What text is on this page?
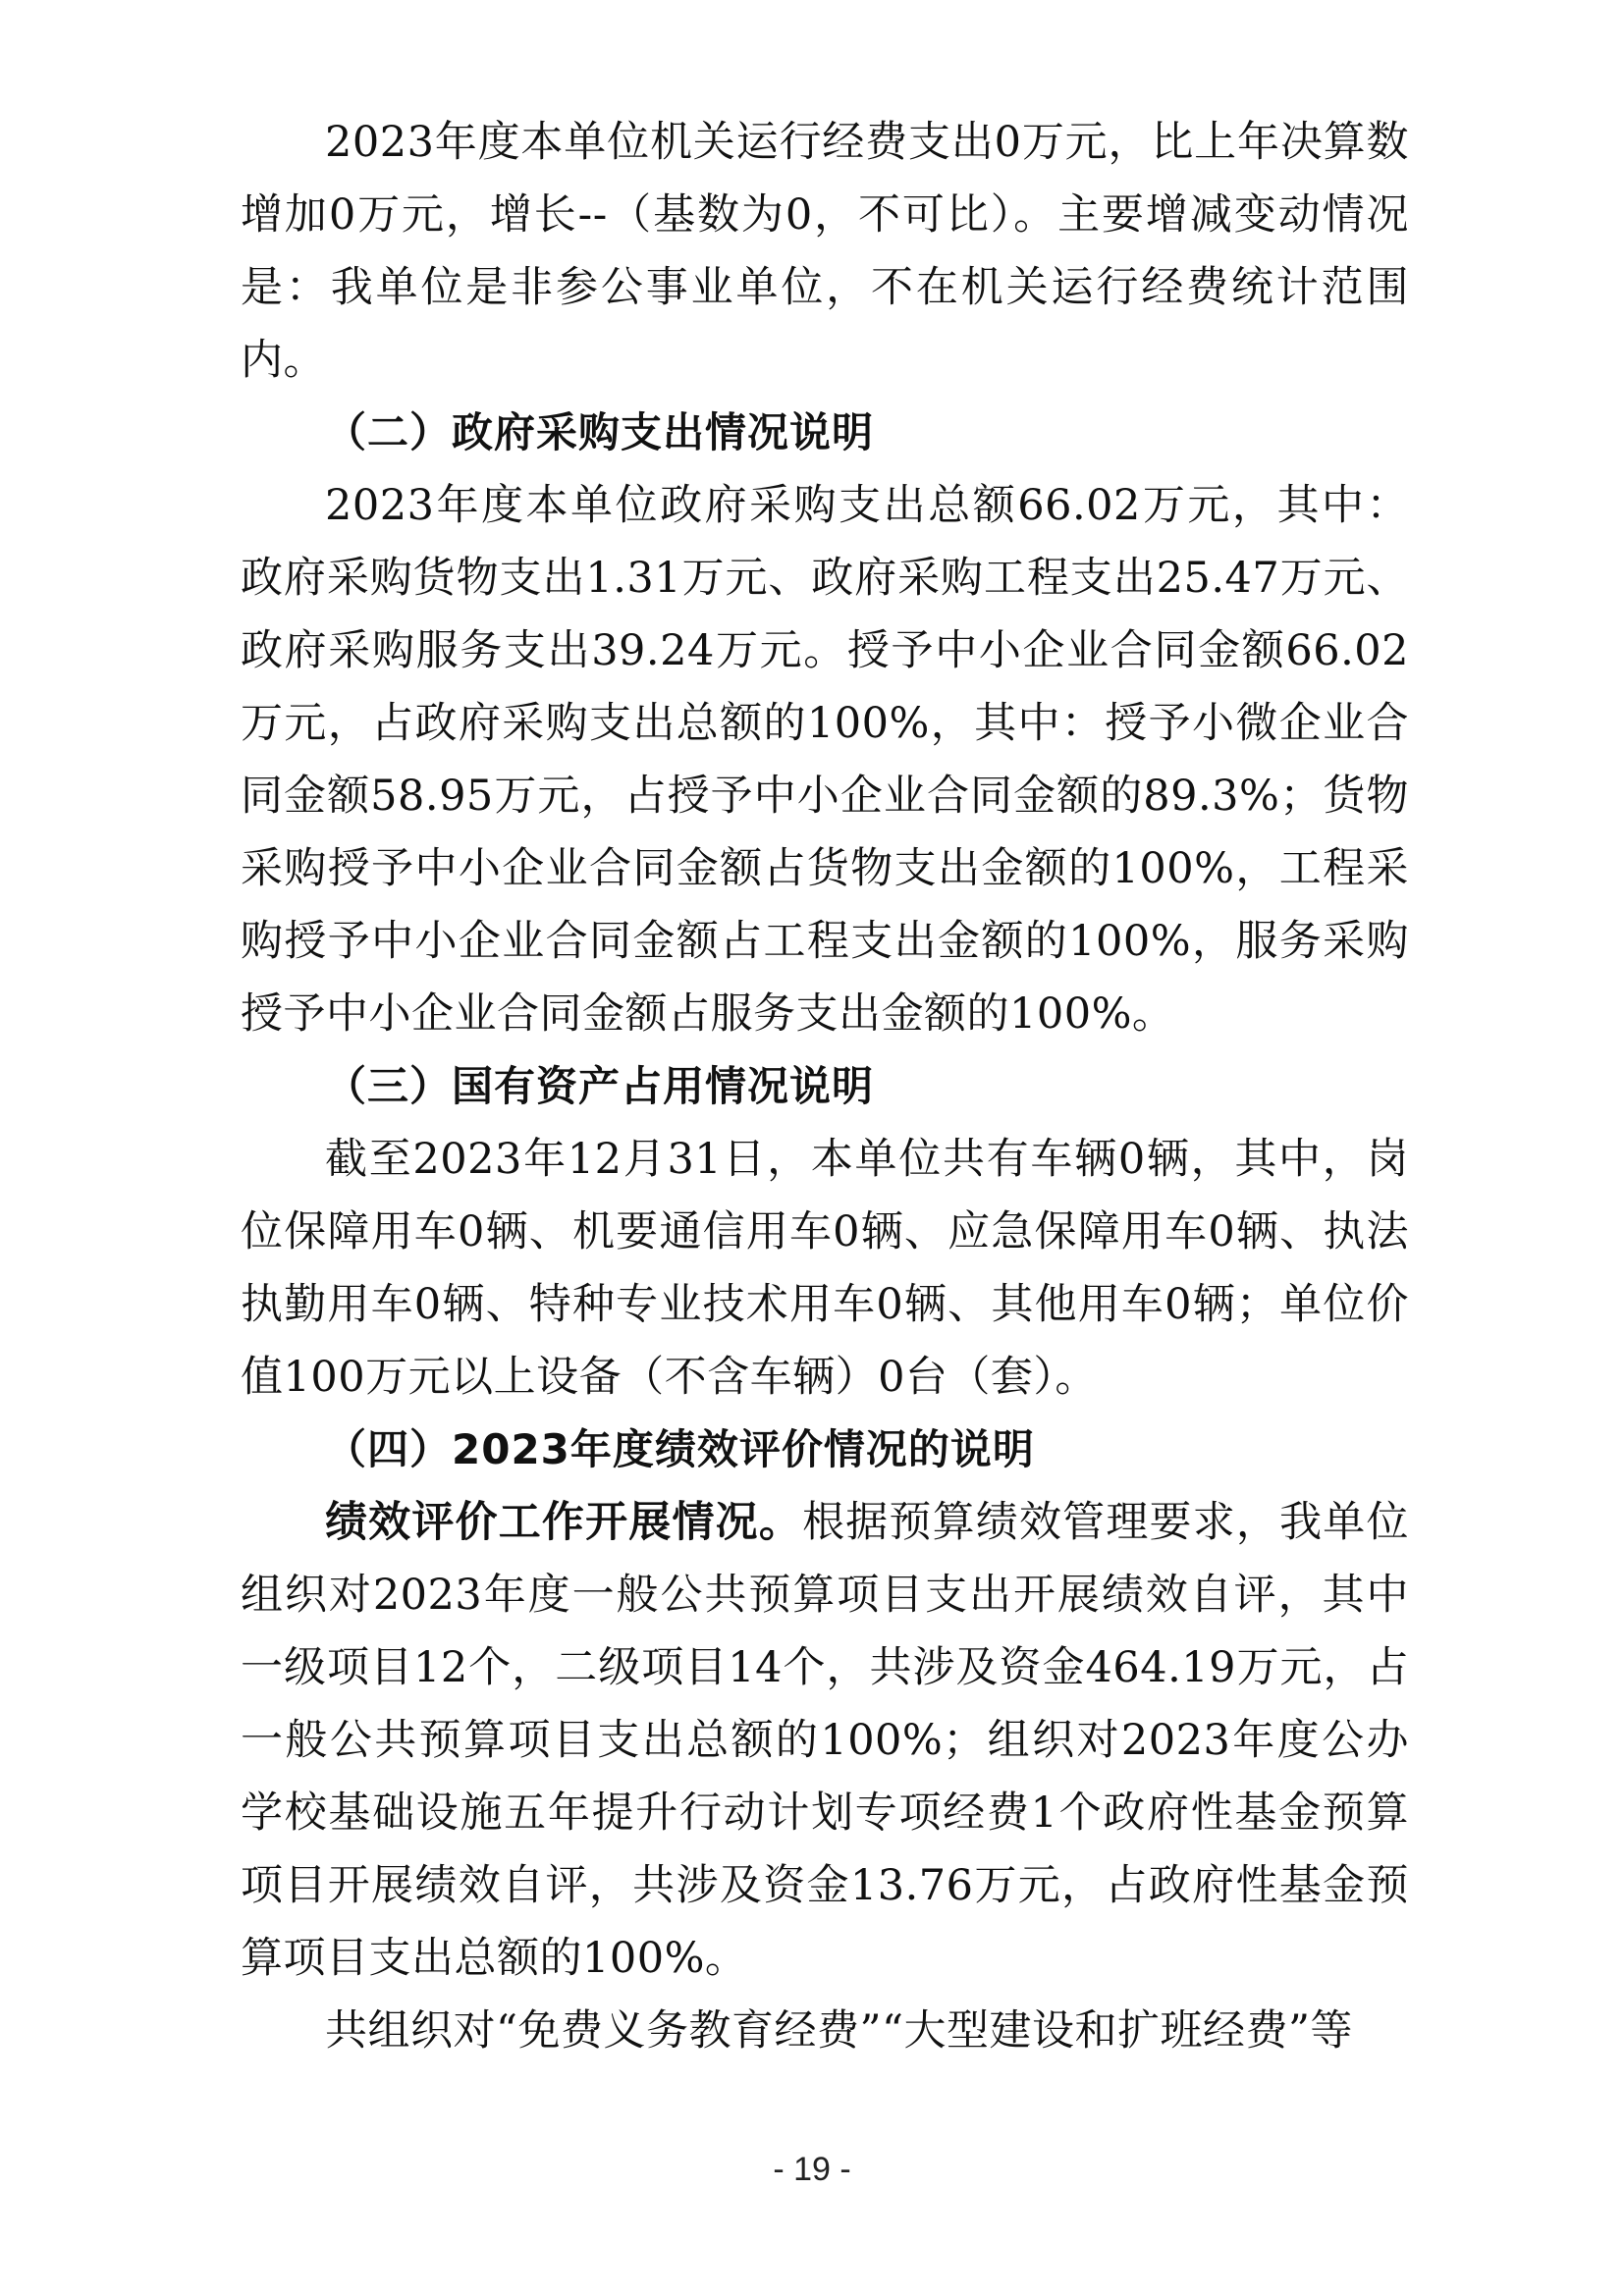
2023年度本单位机关运行经费支出0万元，比上年决算数增加0万元，增长--（基数为0，不可比）。主要增减变动情况是：我单位是非参公事业单位，不在机关运行经费统计范围内。

（二）政府采购支出情况说明

2023年度本单位政府采购支出总额66.02万元，其中：政府采购货物支出1.31万元、政府采购工程支出25.47万元、政府采购服务支出39.24万元。授予中小企业合同金额66.02万元，占政府采购支出总额的100%，其中：授予小微企业合同金额58.95万元，占授予中小企业合同金额的89.3%；货物采购授予中小企业合同金额占货物支出金额的100%，工程采购授予中小企业合同金额占工程支出金额的100%，服务采购授予中小企业合同金额占服务支出金额的100%。

（三）国有资产占用情况说明

截至2023年12月31日，本单位共有车辆0辆，其中，岗位保障用车0辆、机要通信用车0辆、应急保障用车0辆、执法执勤用车0辆、特种专业技术用车0辆、其他用车0辆；单位价值100万元以上设备（不含车辆）0台（套）。

（四）2023年度绩效评价情况的说明

绩效评价工作开展情况。根据预算绩效管理要求，我单位组织对2023年度一般公共预算项目支出开展绩效自评，其中一级项目12个，二级项目14个，共涉及资金464.19万元，占一般公共预算项目支出总额的100%；组织对2023年度公办学校基础设施五年提升行动计划专项经费1个政府性基金预算项目开展绩效自评，共涉及资金13.76万元，占政府性基金预算项目支出总额的100%。

共组织对“免费义务教育经费”“大型建设和扩班经费”等

- 19 -
